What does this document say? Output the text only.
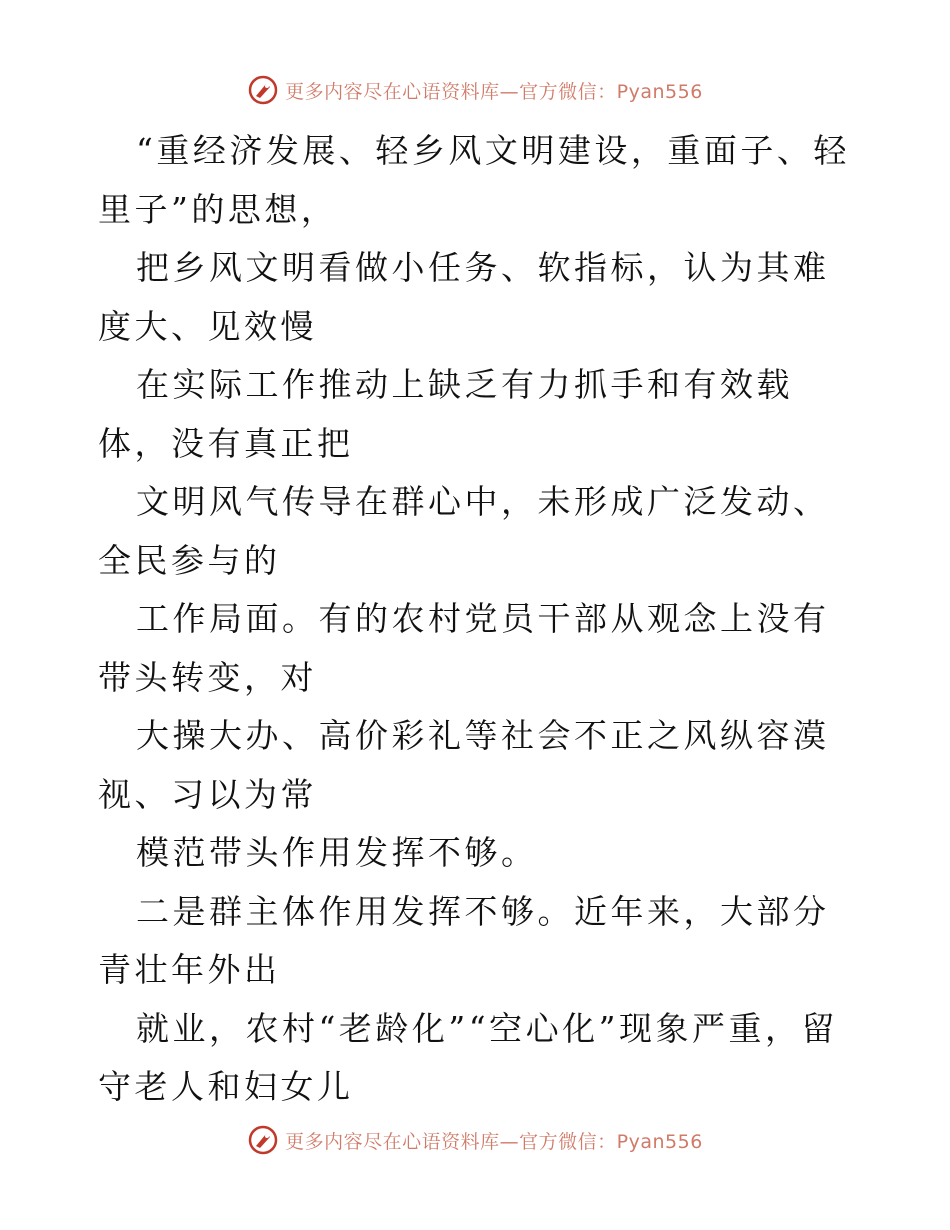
更多内容尽在心语资料库—官方微信：Pyan556

“重经济发展、轻乡风文明建设，重面子、轻里子”的思想，

把乡风文明看做小任务、软指标，认为其难度大、见效慢

在实际工作推动上缺乏有力抓手和有效载体，没有真正把

文明风气传导在群心中，未形成广泛发动、全民参与的

工作局面。有的农村党员干部从观念上没有带头转变，对

大操大办、高价彩礼等社会不正之风纵容漠视、习以为常

模范带头作用发挥不够。

二是群主体作用发挥不够。近年来，大部分青壮年外出

就业，农村“老龄化”“空心化”现象严重，留守老人和妇女儿

更多内容尽在心语资料库—官方微信：Pyan556
